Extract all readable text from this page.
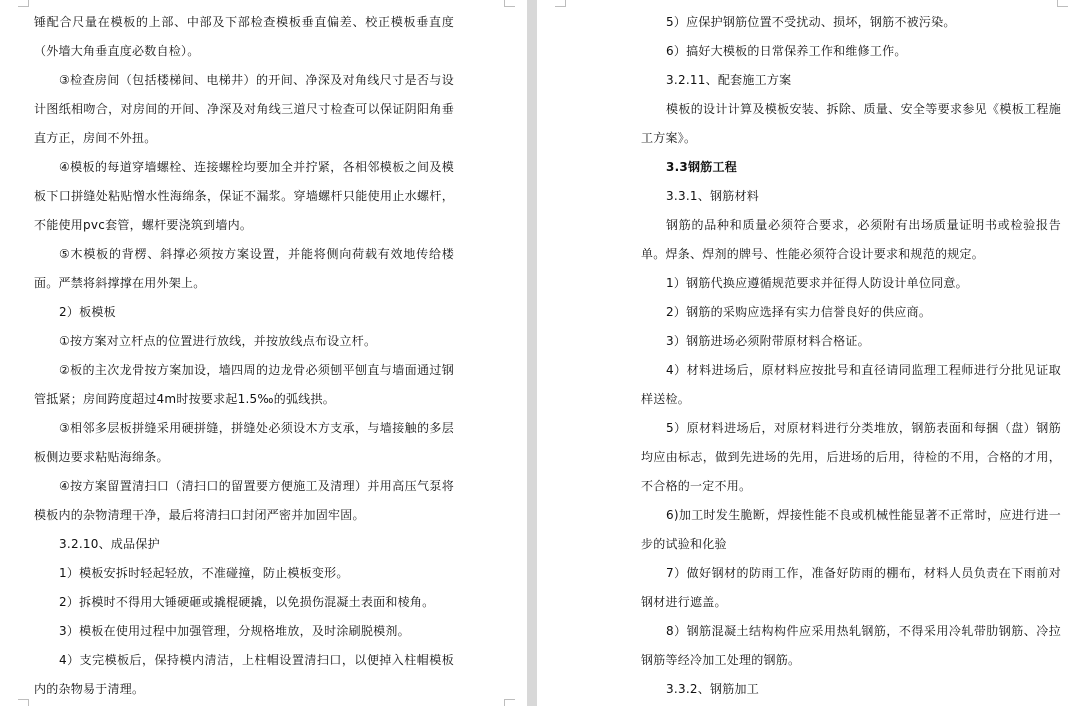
锤配合尺量在模板的上部、中部及下部检查模板垂直偏差、校正模板垂直度（外墙大角垂直度必数自检）。

③检查房间（包括楼梯间、电梯井）的开间、净深及对角线尺寸是否与设计图纸相吻合，对房间的开间、净深及对角线三道尺寸检查可以保证阴阳角垂直方正，房间不外扭。

④模板的每道穿墙螺栓、连接螺栓均要加全并拧紧，各相邻模板之间及模板下口拼缝处粘贴憎水性海绵条，保证不漏浆。穿墙螺杆只能使用止水螺杆，不能使用pvc套管，螺杆要浇筑到墙内。

⑤木模板的背楞、斜撑必须按方案设置，并能将侧向荷载有效地传给楼面。严禁将斜撑撑在用外架上。

2）板模板

①按方案对立杆点的位置进行放线，并按放线点布设立杆。

②板的主次龙骨按方案加设，墙四周的边龙骨必须刨平刨直与墙面通过钢管抵紧；房间跨度超过4m时按要求起1.5‰的弧线拱。

③相邻多层板拼缝采用硬拼缝，拼缝处必须设木方支承，与墙接触的多层板侧边要求粘贴海绵条。

④按方案留置清扫口（清扫口的留置要方便施工及清理）并用高压气泵将模板内的杂物清理干净，最后将清扫口封闭严密并加固牢固。

3.2.10、成品保护

1）模板安拆时轻起轻放，不准碰撞，防止模板变形。

2）拆模时不得用大锤硬砸或撬棍硬撬，以免损伤混凝土表面和棱角。

3）模板在使用过程中加强管理，分规格堆放，及时涂刷脱模剂。

4）支完模板后，保持模内清洁，上柱帽设置清扫口，以便掉入柱帽模板内的杂物易于清理。

5）应保护钢筋位置不受扰动、损坏，钢筋不被污染。

6）搞好大模板的日常保养工作和维修工作。

3.2.11、配套施工方案

模板的设计计算及模板安装、拆除、质量、安全等要求参见《模板工程施工方案》。

3.3钢筋工程

3.3.1、钢筋材料

钢筋的品种和质量必须符合要求，必须附有出场质量证明书或检验报告单。焊条、焊剂的牌号、性能必须符合设计要求和规范的规定。

1）钢筋代换应遵循规范要求并征得人防设计单位同意。

2）钢筋的采购应选择有实力信誉良好的供应商。

3）钢筋进场必须附带原材料合格证。

4）材料进场后，原材料应按批号和直径请同监理工程师进行分批见证取样送检。

5）原材料进场后，对原材料进行分类堆放，钢筋表面和每捆（盘）钢筋均应由标志，做到先进场的先用，后进场的后用，待检的不用，合格的才用，不合格的一定不用。

6)加工时发生脆断，焊接性能不良或机械性能显著不正常时，应进行进一步的试验和化验

7）做好钢材的防雨工作，准备好防雨的棚布，材料人员负责在下雨前对钢材进行遮盖。

8）钢筋混凝土结构构件应采用热轧钢筋，不得采用冷轧带肋钢筋、冷拉钢筋等经冷加工处理的钢筋。

3.3.2、钢筋加工
